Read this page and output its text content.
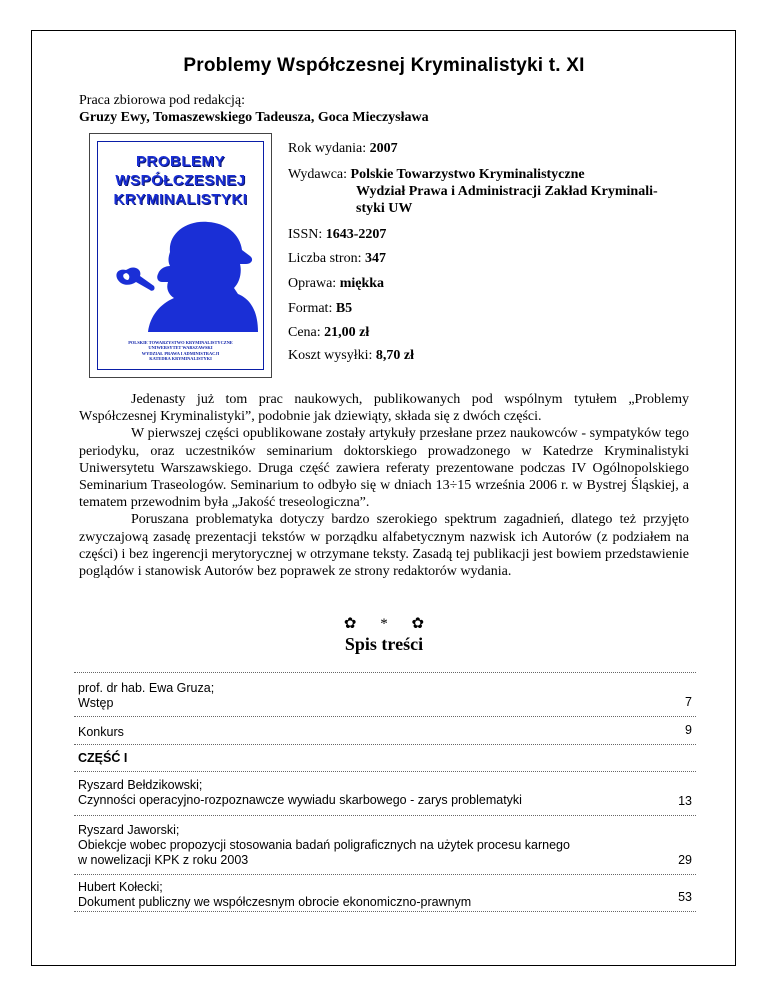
Problemy Współczesnej Kryminalistyki t. XI
Praca zbiorowa pod redakcją:
Gruzy Ewy, Tomaszewskiego Tadeusza, Goca Mieczysława
PROBLEMY
WSPÓŁCZESNEJ
KRYMINALISTYKI
POLSKIE TOWARZYSTWO KRYMINALISTYCZNE
UNIWERSYTET WARSZAWSKI
WYDZIAŁ PRAWA I ADMINISTRACJI
KATEDRA KRYMINALISTYKI
Rok wydania: 2007
Wydawca: Polskie Towarzystwo Kryminalistyczne
Wydział Prawa i Administracji Zakład Kryminali-
styki UW
ISSN: 1643-2207
Liczba stron: 347
Oprawa: miękka
Format: B5
Cena: 21,00 zł
Koszt wysyłki: 8,70 zł

Jedenasty już tom prac naukowych, publikowanych pod wspólnym tytułem „Problemy Współczesnej Kryminalistyki”, podobnie jak dziewiąty, składa się z dwóch części.

W pierwszej części opublikowane zostały artykuły przesłane przez naukowców - sympatyków tego periodyku, oraz uczestników seminarium doktorskiego prowadzonego w Katedrze Kryminalistyki Uniwersytetu Warszawskiego. Druga część zawiera referaty prezentowane podczas IV Ogólnopolskiego Seminarium Traseologów. Seminarium to odbyło się w dniach 13÷15 września 2006 r. w Bystrej Śląskiej, a tematem przewodnim była „Jakość treseologiczna”.

Poruszana problematyka dotyczy bardzo szerokiego spektrum zagadnień, dlatego też przyjęto zwyczajową zasadę prezentacji tekstów w porządku alfabetycznym nazwisk ich Autorów (z podziałem na części) i bez ingerencji merytorycznej w otrzymane teksty. Zasadą tej publikacji jest bowiem przedstawienie poglądów i stanowisk Autorów bez poprawek ze strony redaktorów wydania.

✿ * ✿
Spis treści
prof. dr hab. Ewa Gruza;
Wstęp	7
Konkurs	9
CZĘŚĆ I
Ryszard Bełdzikowski;
Czynności operacyjno-rozpoznawcze wywiadu skarbowego - zarys problematyki	13
Ryszard Jaworski;
Obiekcje wobec propozycji stosowania badań poligraficznych na użytek procesu karnego
w nowelizacji KPK z roku 2003	29
Hubert Kołecki;
Dokument publiczny we współczesnym obrocie ekonomiczno-prawnym	53
